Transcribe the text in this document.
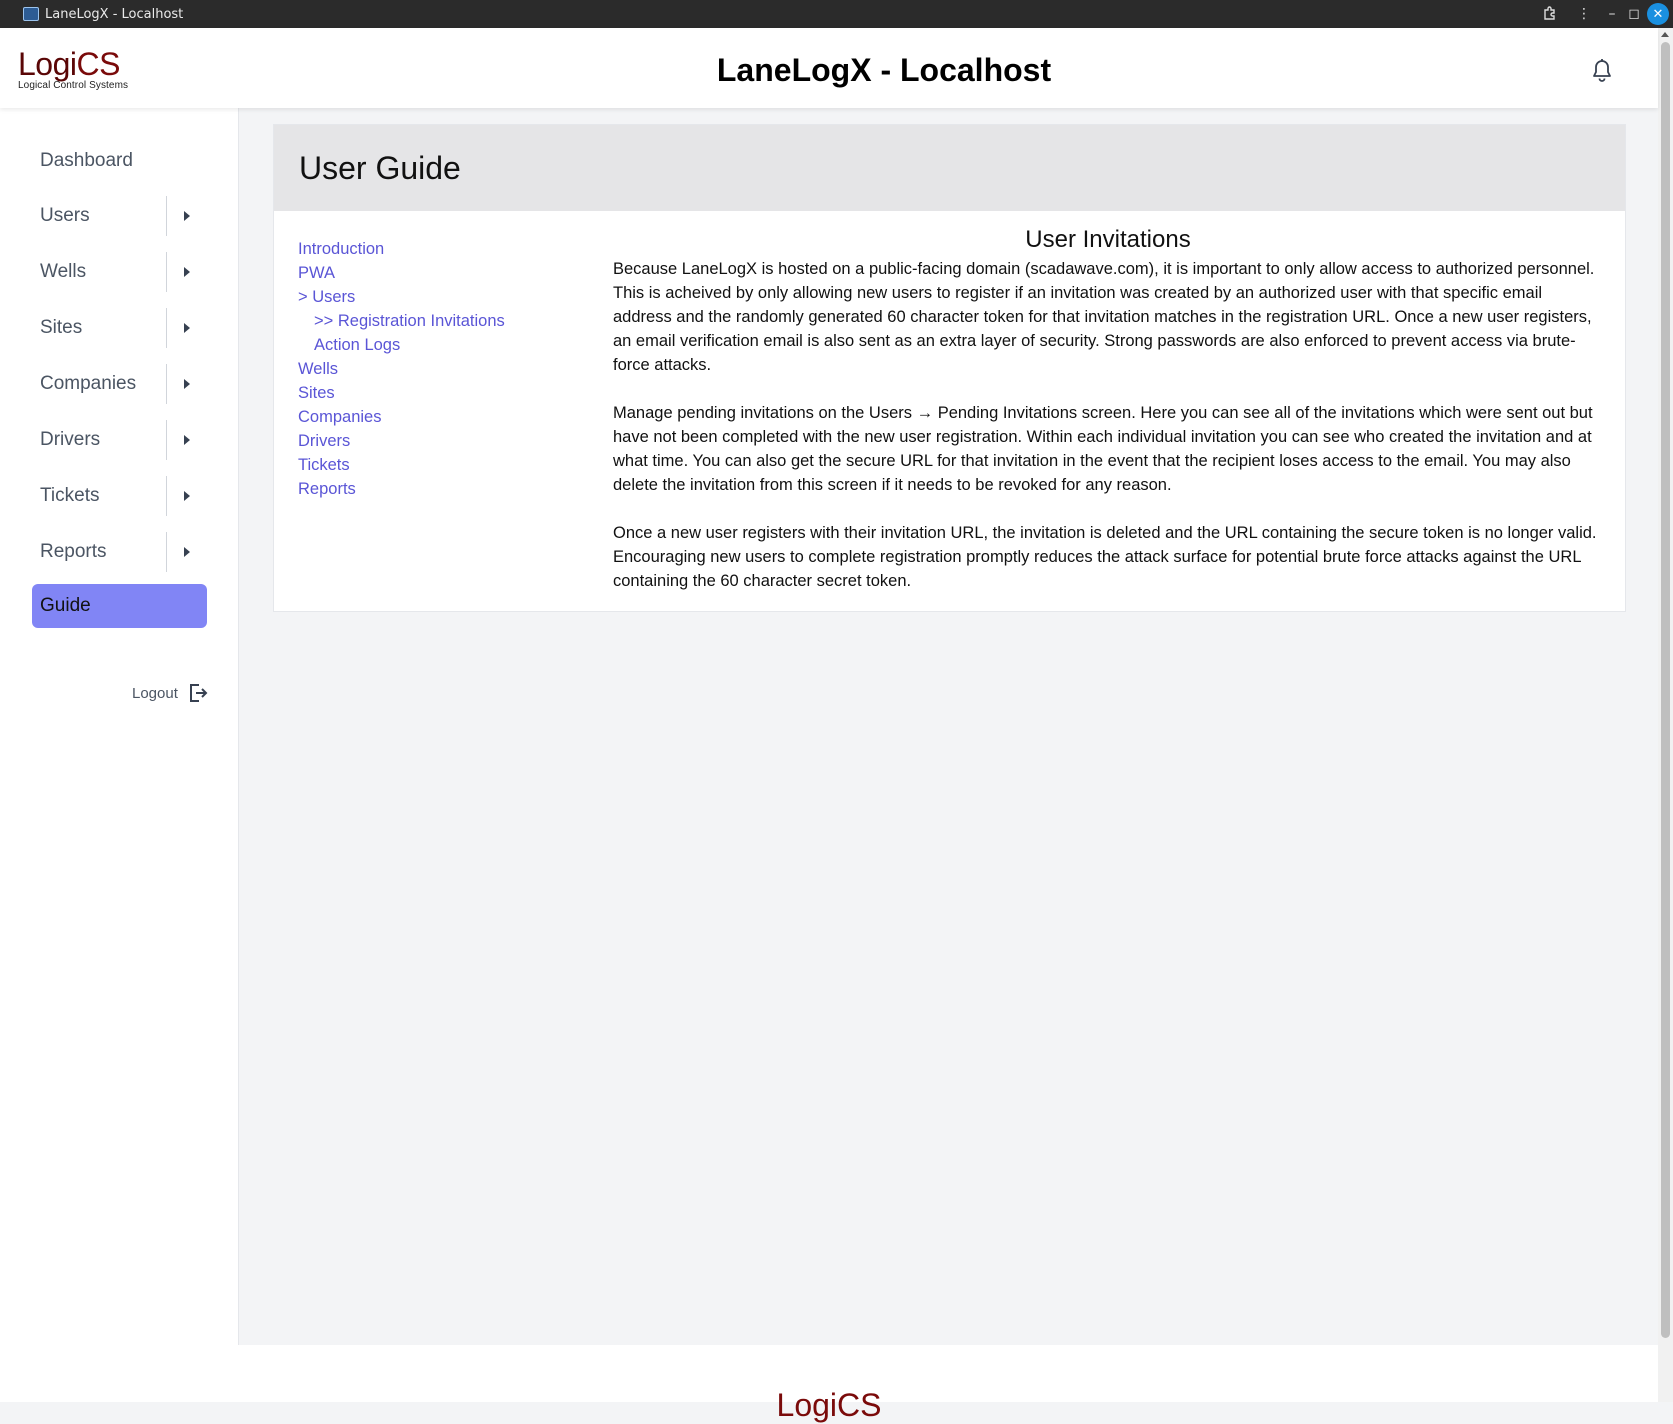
LaneLogX - Localhost	⋮	– ◻ ✕
LogiCS
Logical Control Systems	LaneLogX - Localhost
Dashboard
Users
Wells
Sites
Companies
Drivers
Tickets
Reports
Guide
Logout
User Guide
Introduction
PWA
> Users
>> Registration Invitations
Action Logs
Wells
Sites
Companies
Drivers
Tickets
Reports
User Invitations

Because LaneLogX is hosted on a public-facing domain (scadawave.com), it is important to only allow access to authorized personnel. This is acheived by only allowing new users to register if an invitation was created by an authorized user with that specific email address and the randomly generated 60 character token for that invitation matches in the registration URL. Once a new user registers, an email verification email is also sent as an extra layer of security. Strong passwords are also enforced to prevent access via brute-force attacks.

Manage pending invitations on the Users → Pending Invitations screen. Here you can see all of the invitations which were sent out but have not been completed with the new user registration. Within each individual invitation you can see who created the invitation and at what time. You can also get the secure URL for that invitation in the event that the recipient loses access to the email. You may also delete the invitation from this screen if it needs to be revoked for any reason.

Once a new user registers with their invitation URL, the invitation is deleted and the URL containing the secure token is no longer valid. Encouraging new users to complete registration promptly reduces the attack surface for potential brute force attacks against the URL containing the 60 character secret token.

LogiCS
